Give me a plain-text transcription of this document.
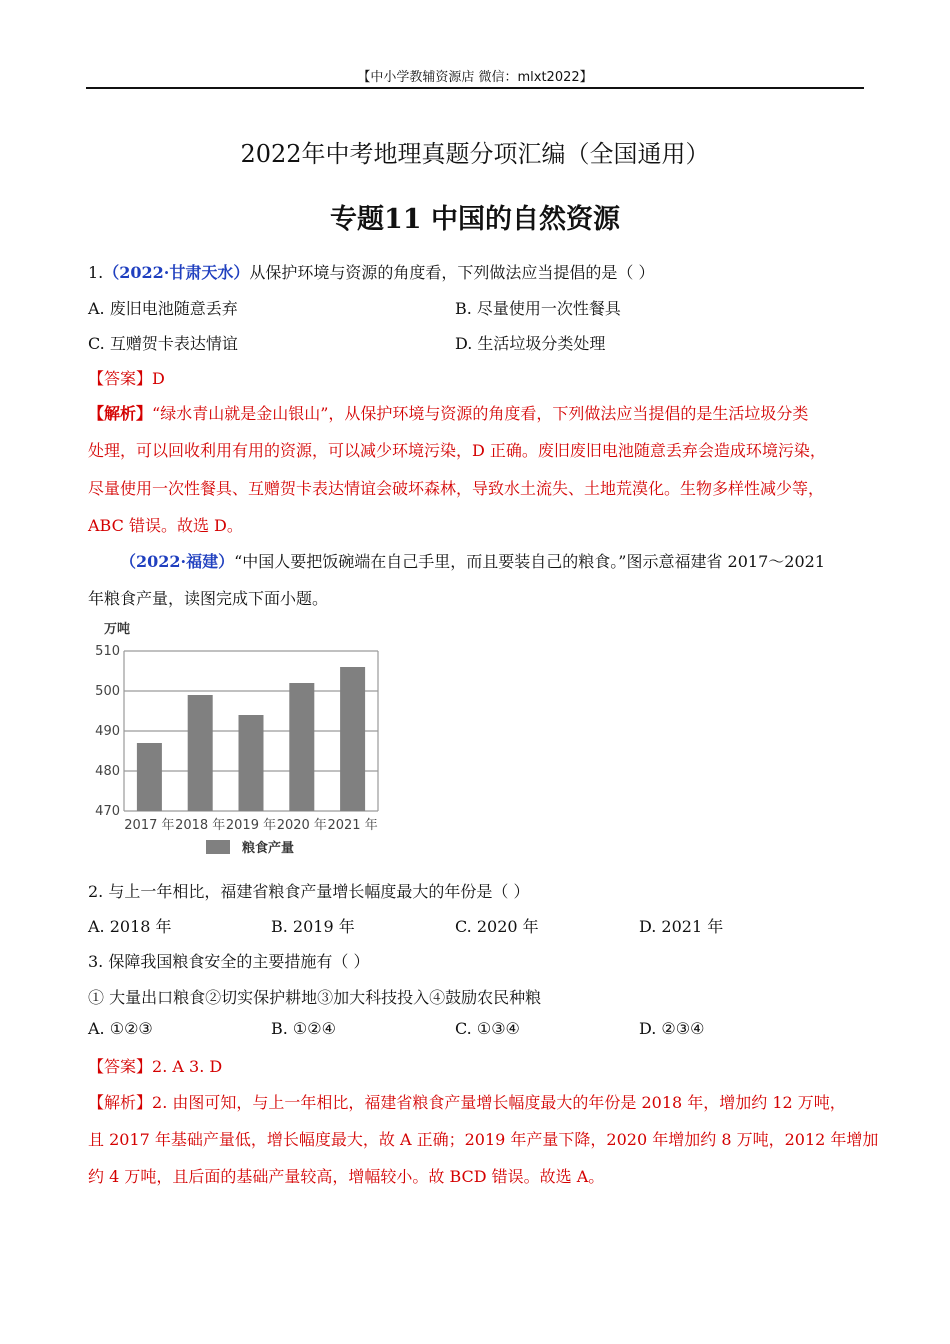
【中小学教辅资源店 微信：mlxt2022】
2022年中考地理真题分项汇编（全国通用）
专题11 中国的自然资源
1.（2022·甘肃天水）从保护环境与资源的角度看，下列做法应当提倡的是（ ）
A. 废旧电池随意丢弃	B. 尽量使用一次性餐具
C. 互赠贺卡表达情谊	D. 生活垃圾分类处理
【答案】D
【解析】“绿水青山就是金山银山”，从保护环境与资源的角度看，下列做法应当提倡的是生活垃圾分类
处理，可以回收利用有用的资源，可以减少环境污染，D 正确。废旧废旧电池随意丢弃会造成环境污染，
尽量使用一次性餐具、互赠贺卡表达情谊会破坏森林，导致水土流失、土地荒漠化。生物多样性减少等，
ABC 错误。故选 D。
（2022·福建）“中国人要把饭碗端在自己手里，而且要装自己的粮食。”图示意福建省 2017～2021
年粮食产量，读图完成下面小题。
万吨
470
480
490
500
510
2017 年 2018 年 2019 年 2020 年 2021 年
粮食产量
2. 与上一年相比，福建省粮食产量增长幅度最大的年份是（ ）
A. 2018 年	B. 2019 年	C. 2020 年	D. 2021 年
3. 保障我国粮食安全的主要措施有（ ）
① 大量出口粮食②切实保护耕地③加大科技投入④鼓励农民种粮
A. ①②③	B. ①②④	C. ①③④	D. ②③④
【答案】2. A 3. D
【解析】2. 由图可知，与上一年相比，福建省粮食产量增长幅度最大的年份是 2018 年，增加约 12 万吨，
且 2017 年基础产量低，增长幅度最大，故 A 正确；2019 年产量下降，2020 年增加约 8 万吨，2012 年增加
约 4 万吨，且后面的基础产量较高，增幅较小。故 BCD 错误。故选 A。
